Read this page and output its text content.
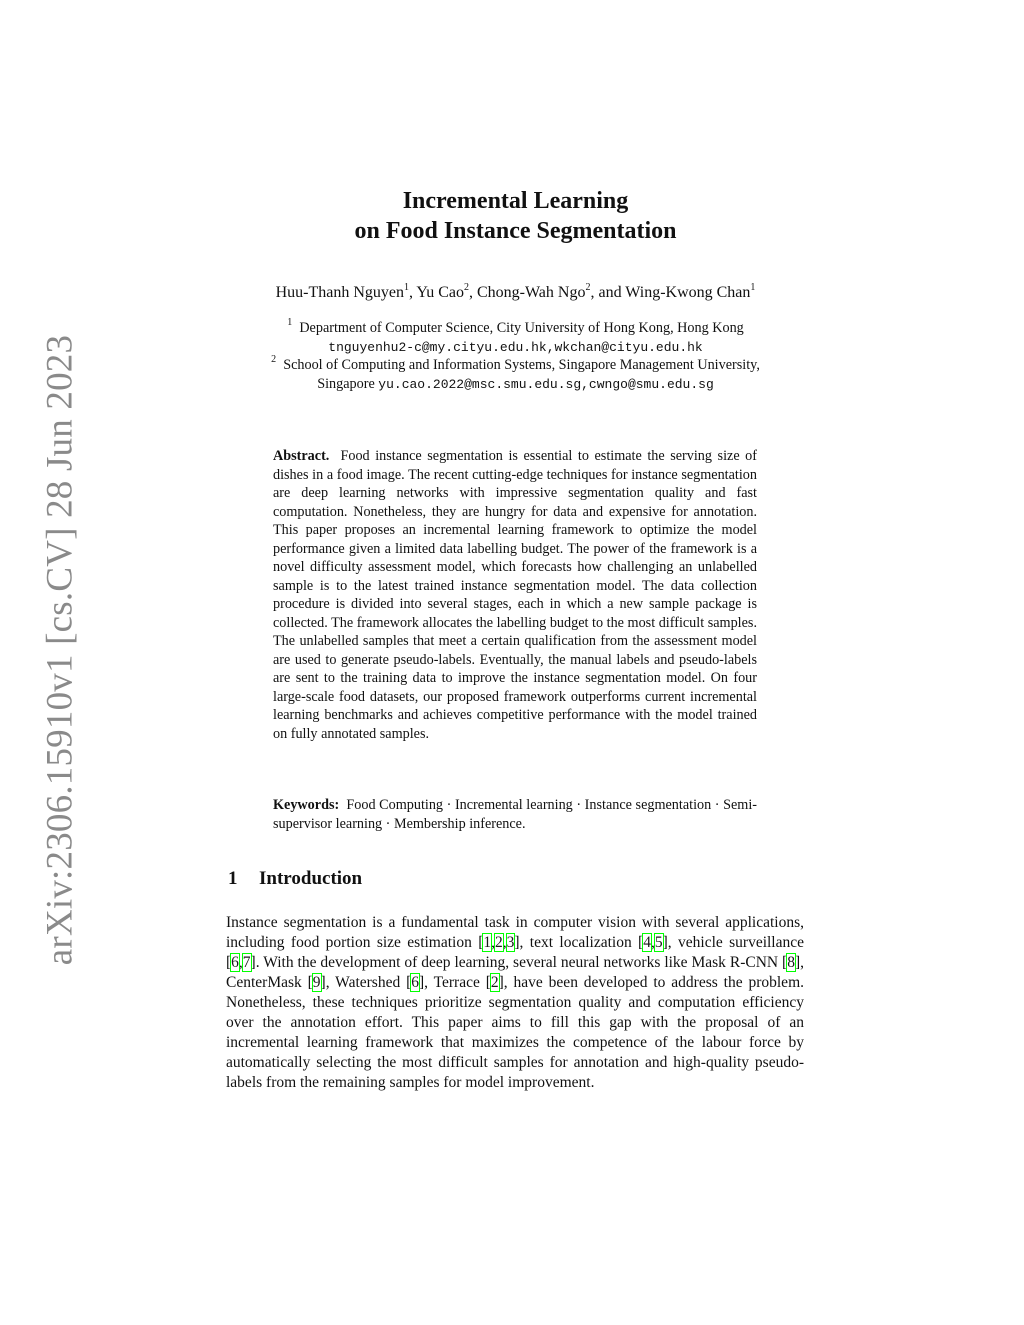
arXiv:2306.15910v1 [cs.CV] 28 Jun 2023
Incremental Learning
on Food Instance Segmentation
Huu-Thanh Nguyen$^1$, Yu Cao$^2$, Chong-Wah Ngo$^2$, and Wing-Kwong Chan$^1$
$^1$ Department of Computer Science, City University of Hong Kong, Hong Kong
tnguyenhu2-c@my.cityu.edu.hk,wkchan@cityu.edu.hk
$^2$ School of Computing and Information Systems, Singapore Management University,
Singapore yu.cao.2022@msc.smu.edu.sg,cwngo@smu.edu.sg

Abstract. Food instance segmentation is essential to estimate the serving size of dishes in a food image. The recent cutting-edge techniques for instance segmentation are deep learning networks with impressive segmentation quality and fast computation. Nonetheless, they are hungry for data and expensive for annotation. This paper proposes an incremental learning framework to optimize the model performance given a limited data labelling budget. The power of the framework is a novel difficulty assessment model, which forecasts how challenging an unlabelled sample is to the latest trained instance segmentation model. The data collection procedure is divided into several stages, each in which a new sample package is collected. The framework allocates the labelling budget to the most difficult samples. The unlabelled samples that meet a certain qualification from the assessment model are used to generate pseudo-labels. Eventually, the manual labels and pseudo-labels are sent to the training data to improve the instance segmentation model. On four large-scale food datasets, our proposed framework outperforms current incremental learning benchmarks and achieves competitive performance with the model trained on fully annotated samples.

Keywords: Food Computing · Incremental learning · Instance segmentation · Semi-supervisor learning · Membership inference.

1 Introduction

Instance segmentation is a fundamental task in computer vision with several applications, including food portion size estimation [1,2,3], text localization [4,5], vehicle surveillance [6,7]. With the development of deep learning, several neural networks like Mask R-CNN [8], CenterMask [9], Watershed [6], Terrace [2], have been developed to address the problem. Nonetheless, these techniques prioritize segmentation quality and computation efficiency over the annotation effort. This paper aims to fill this gap with the proposal of an incremental learning framework that maximizes the competence of the labour force by automatically selecting the most difficult samples for annotation and high-quality pseudo-labels from the remaining samples for model improvement.
